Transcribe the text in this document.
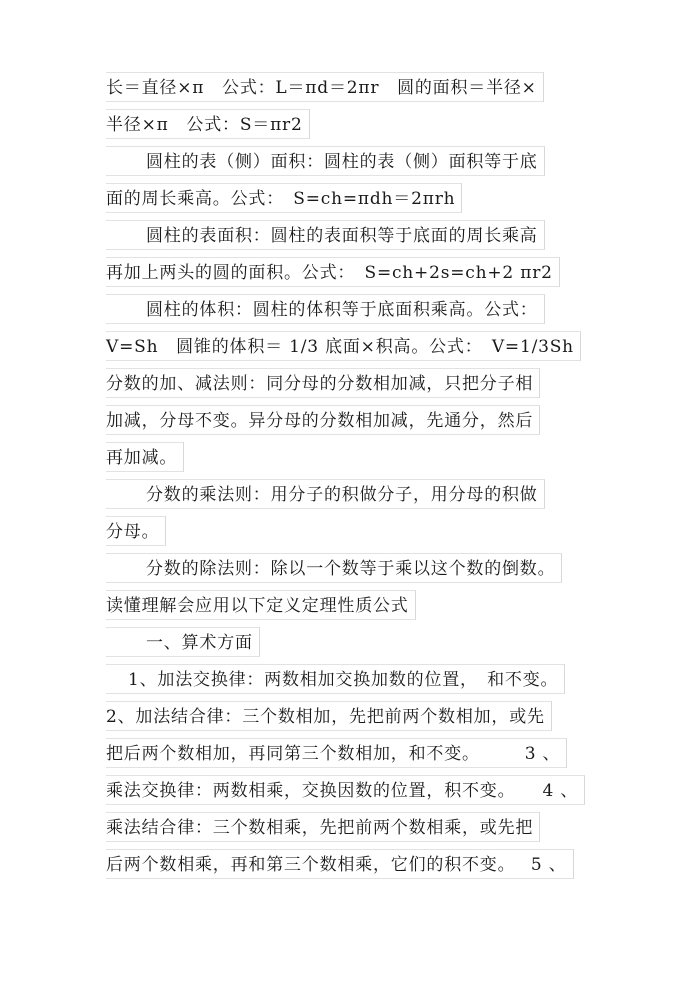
长＝直径×π　公式：L＝πd＝2πr　圆的面积＝半径×
半径×π　公式：S＝πr2
圆柱的表（侧）面积：圆柱的表（侧）面积等于底
面的周长乘高。公式：　S=ch=πdh＝2πrh
圆柱的表面积：圆柱的表面积等于底面的周长乘高
再加上两头的圆的面积。公式：　S=ch+2s=ch+2 πr2
圆柱的体积：圆柱的体积等于底面积乘高。公式：
V=Sh　圆锥的体积＝ 1/3 底面×积高。公式：　V=1/3Sh
分数的加、减法则：同分母的分数相加减，只把分子相
加减，分母不变。异分母的分数相加减，先通分，然后
再加减。
分数的乘法则：用分子的积做分子，用分母的积做
分母。
分数的除法则：除以一个数等于乘以这个数的倒数。
读懂理解会应用以下定义定理性质公式
一、算术方面
1、加法交换律：两数相加交换加数的位置，　和不变。
2、加法结合律：三个数相加，先把前两个数相加，或先
把后两个数相加，再同第三个数相加，和不变。　　　3 、
乘法交换律：两数相乘，交换因数的位置，积不变。　　4 、
乘法结合律：三个数相乘，先把前两个数相乘，或先把
后两个数相乘，再和第三个数相乘，它们的积不变。　 5 、
